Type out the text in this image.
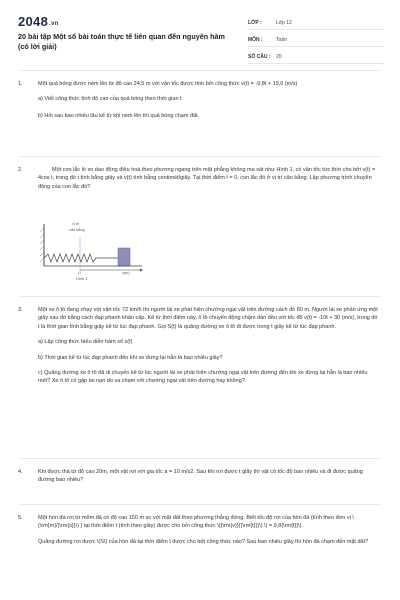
2048.vn
20 bài tập Một số bài toán thực tế liên quan đến nguyên hàm (có lời giải)
LỚP :	Lớp 12
MÔN :	Toán
SỐ CÂU :	20
1.	Một quả bóng được ném lên từ độ cao 24,5 m với vận tốc được tính bởi công thức v(t) = -9,8t + 19,6 (m/s)

a) Viết công thức tính độ cao của quả bóng theo thời gian t

b) Hỏi sau bao nhiêu lâu kể từ khi ném lên thì quả bóng chạm đất.

2.	Một con lắc lò xo dao động điều hoà theo phương ngang trên mặt phẳng không ma sát như Hình 1, có vận tốc tức thời cho bởi v(t) = 4cos t, trong đó t tính bằng giây và v(t) tính bằng centimét/giây. Tại thời điểm t = 0, con lắc đó ở vị trí cân bằng. Lập phương trình chuyển động của con lắc đó?

vị trí
cân bằng
O	x(m)
Hình 1
3.	Một xe ô tô đang chạy với vận tốc 72 km/h thì người lái xe phát hiện chướng ngại vật trên đường cách đó 80 m. Người lái xe phản ứng một giây sau đó bằng cách đạp phanh khẩn cấp. Kể từ thời điểm này, ô tô chuyển động chậm dần đều với tốc độ v(t) = -10t + 30 (m/s), trong đó t là thời gian tính bằng giây kể từ lúc đạp phanh. Gọi S(t) là quãng đường xe ô tô đi được trong t giây kể từ lúc đạp phanh.

a) Lập công thức biểu diễn hàm số s(t)

b) Thời gian kể từ lúc đạp phanh đến khi xe dừng lại hẳn là bao nhiêu giây?

c) Quãng đường xe ô tô đã di chuyển kể từ lúc người lái xe phát hiện chướng ngại vật trên đường đến khi xe dừng lại hẳn là bao nhiêu mét? Xe ô tô có gặp tai nạn do va chạm với chướng ngại vật trên đường hay không?

4.	Khi được thả từ độ cao 20m, một vật rơi với gia tốc a = 10 m/s2. Sau khi rơi được t giây thì vật có tốc độ bao nhiêu và đi được quãng đường bao nhiêu?

5.	Một hòn đá rơi từ mõm đá có độ cao 150 m so với mặt đất theo phương thẳng đứng. Biết tốc độ rơi của hòn đá (tính theo đơn vị \(\rm{m}/{\rm{s}}\) ) tại thời điểm t (tính theo giây) được cho bởi công thức \({\rm{v}}({\rm{t}})\) \( = 9,8{\rm{t}}\).

Quãng đường rơi được \(S\) của hòn đá tại thời điểm t được cho bởi công thức nào? Sau bao nhiêu giây thì hòn đá chạm đến mặt đất?
